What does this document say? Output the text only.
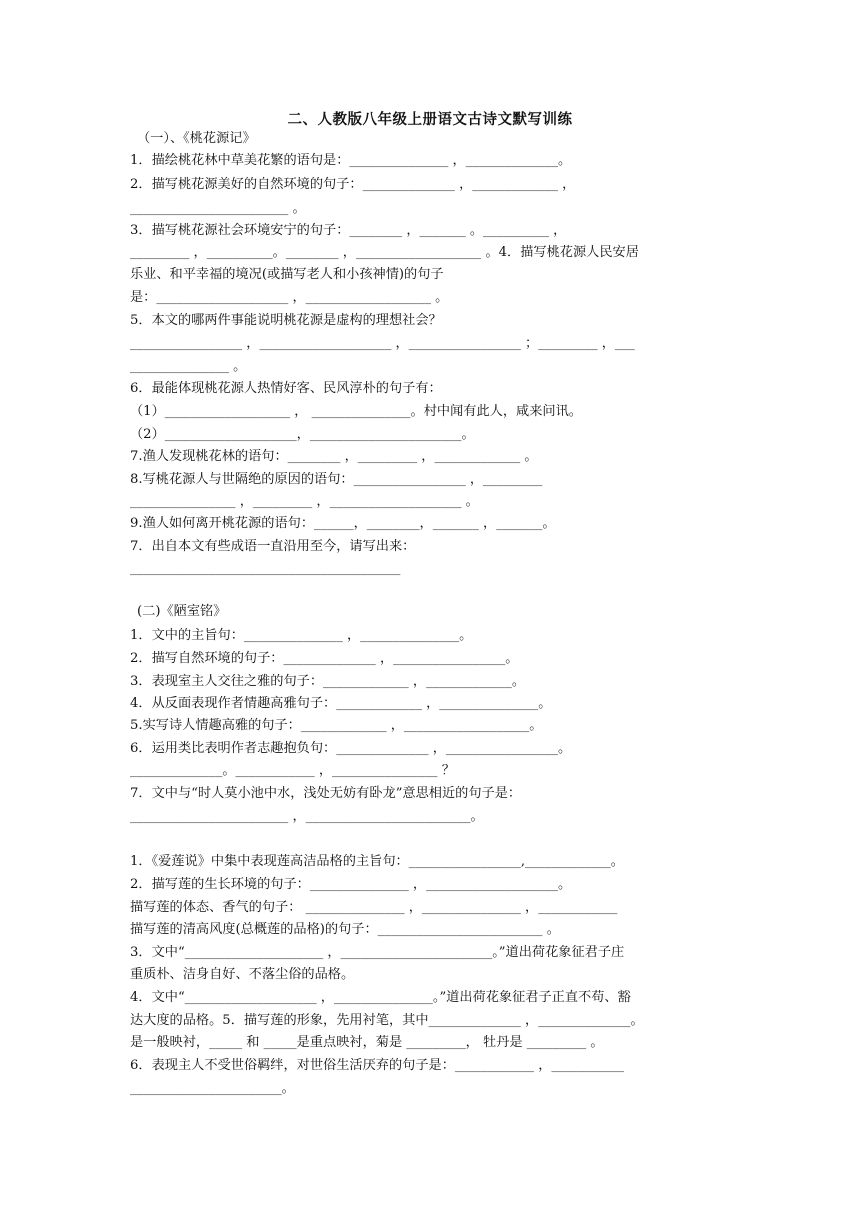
二、人教版八年级上册语文古诗文默写训练
（一）、《桃花源记》
1．描绘桃花林中草美花繁的语句是：_______________ ，______________。
2．描写桃花源美好的自然环境的句子：______________ ，_____________ ，
________________________ 。
3．描写桃花源社会环境安宁的句子：________ ，_______ 。__________ ，
_________ ，__________。________ ，___________________ 。4．描写桃花源人民安居
乐业、和平幸福的境况(或描写老人和小孩神情)的句子
是：____________________ ，___________________ 。
5．本文的哪两件事能说明桃花源是虚构的理想社会？
_________________ ，____________________ ，_________________ ；_________ ，___
_______________ 。
6．最能体现桃花源人热情好客、民风淳朴的句子有：
（1）___________________ ， _______________。村中闻有此人，咸来问讯。
（2）____________________，_______________________。
7.渔人发现桃花林的语句：________ ，_________ ，_____________ 。
8.写桃花源人与世隔绝的原因的语句：_________________ ，_________
________________ ，_________ ，____________________ 。
9.渔人如何离开桃花源的语句：______，________，_______ ，_______。
7．出自本文有些成语一直沿用至今，请写出来：
_________________________________________
(二)《陋室铭》
1．文中的主旨句：_______________ ，_______________。
2．描写自然环境的句子：______________ ，_________________。
3．表现室主人交往之雅的句子：_____________ ，_____________。
4．从反面表现作者情趣高雅句子：_____________ ，_______________。
5.实写诗人情趣高雅的句子：_____________ ，___________________。
6．运用类比表明作者志趣抱负句：______________ ，_________________。
______________。____________ ，________________ ？
7．文中与“时人莫小池中水，浅处无妨有卧龙”意思相近的句子是：
________________________ ，_________________________。
1．《爱莲说》中集中表现莲高洁品格的主旨句：_________________,_____________。
2．描写莲的生长环境的句子：_______________ ，____________________。
描写莲的体态、香气的句子： _______________ ，_______________ ，____________
描写莲的清高风度(总概莲的品格)的句子：_________________________ 。
3．文中“_____________________ ，_______________________。”道出荷花象征君子庄
重质朴、洁身自好、不落尘俗的品格。
4．文中“____________________ ，_______________。”道出荷花象征君子正直不苟、豁
达大度的品格。5．描写莲的形象，先用衬笔，其中______________ ，______________。
是一般映衬，_____ 和 _____是重点映衬，菊是 _________， 牡丹是 _________ 。
6．表现主人不受世俗羁绊，对世俗生活厌弃的句子是：____________ ，___________
_______________________。
